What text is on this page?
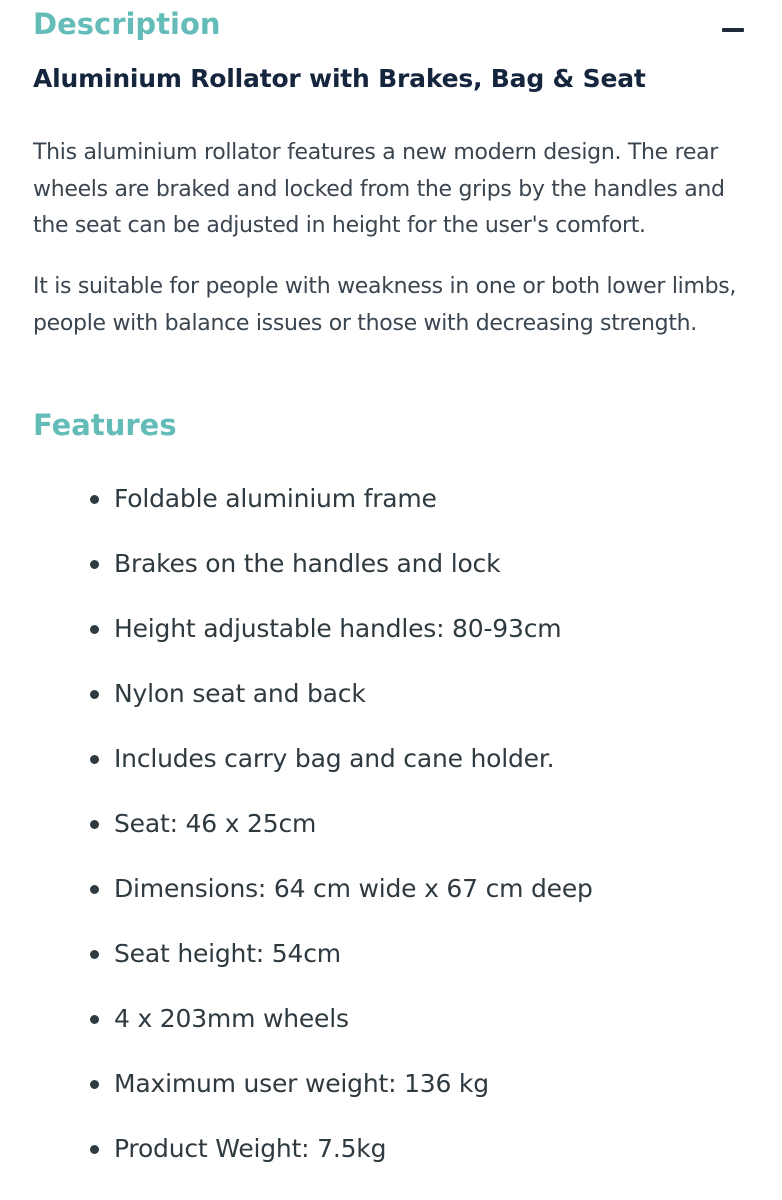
Description
Aluminium Rollator with Brakes, Bag & Seat

This aluminium rollator features a new modern design. The rear wheels are braked and locked from the grips by the handles and the seat can be adjusted in height for the user's comfort.

It is suitable for people with weakness in one or both lower limbs, people with balance issues or those with decreasing strength.

Features
Foldable aluminium frame
Brakes on the handles and lock
Height adjustable handles: 80-93cm
Nylon seat and back
Includes carry bag and cane holder.
Seat: 46 x 25cm
Dimensions: 64 cm wide x 67 cm deep
Seat height: 54cm
4 x 203mm wheels
Maximum user weight: 136 kg
Product Weight: 7.5kg
